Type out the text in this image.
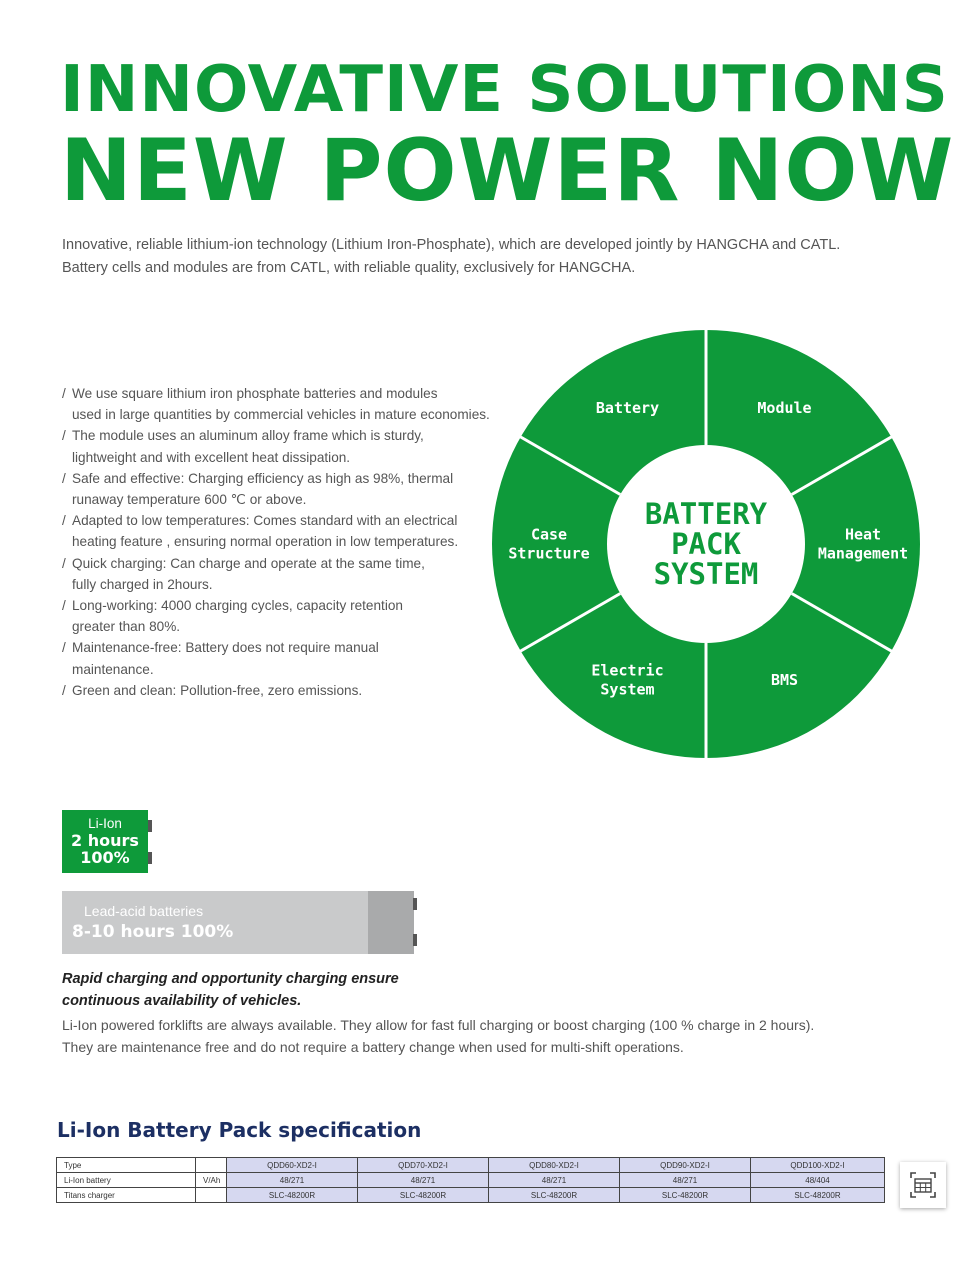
INNOVATIVE SOLUTIONS
NEW POWER NOW

Innovative, reliable lithium-ion technology (Lithium Iron-Phosphate), which are developed jointly by HANGCHA and CATL.

Battery cells and modules are from CATL, with reliable quality, exclusively for HANGCHA.

/ We use square lithium iron phosphate batteries and modules
used in large quantities by commercial vehicles in mature economies.
/ The module uses an aluminum alloy frame which is sturdy,
lightweight and with excellent heat dissipation.
/ Safe and effective: Charging efficiency as high as 98%, thermal
runaway temperature 600 ℃ or above.
/ Adapted to low temperatures: Comes standard with an electrical
heating feature , ensuring normal operation in low temperatures.
/ Quick charging: Can charge and operate at the same time,
fully charged in 2hours.
/ Long-working: 4000 charging cycles, capacity retention
greater than 80%.
/ Maintenance-free: Battery does not require manual
maintenance.
/ Green and clean: Pollution-free, zero emissions.
Battery	Module
Heat Management
BMS
Electric System
Case Structure
BATTERY
PACK
SYSTEM
Li-Ion
2 hours
100%
Lead-acid batteries
8-10 hours 100%

Rapid charging and opportunity charging ensure
continuous availability of vehicles.

Li-Ion powered forklifts are always available. They allow for fast full charging or boost charging (100 % charge in 2 hours).
They are maintenance free and do not require a battery change when used for multi-shift operations.

Li-Ion Battery Pack specification
Type		QDD60-XD2-I	QDD70-XD2-I	QDD80-XD2-I	QDD90-XD2-I	QDD100-XD2-I
Li-Ion battery	V/Ah	48/271	48/271	48/271	48/271	48/404
Titans charger		SLC-48200R	SLC-48200R	SLC-48200R	SLC-48200R	SLC-48200R
